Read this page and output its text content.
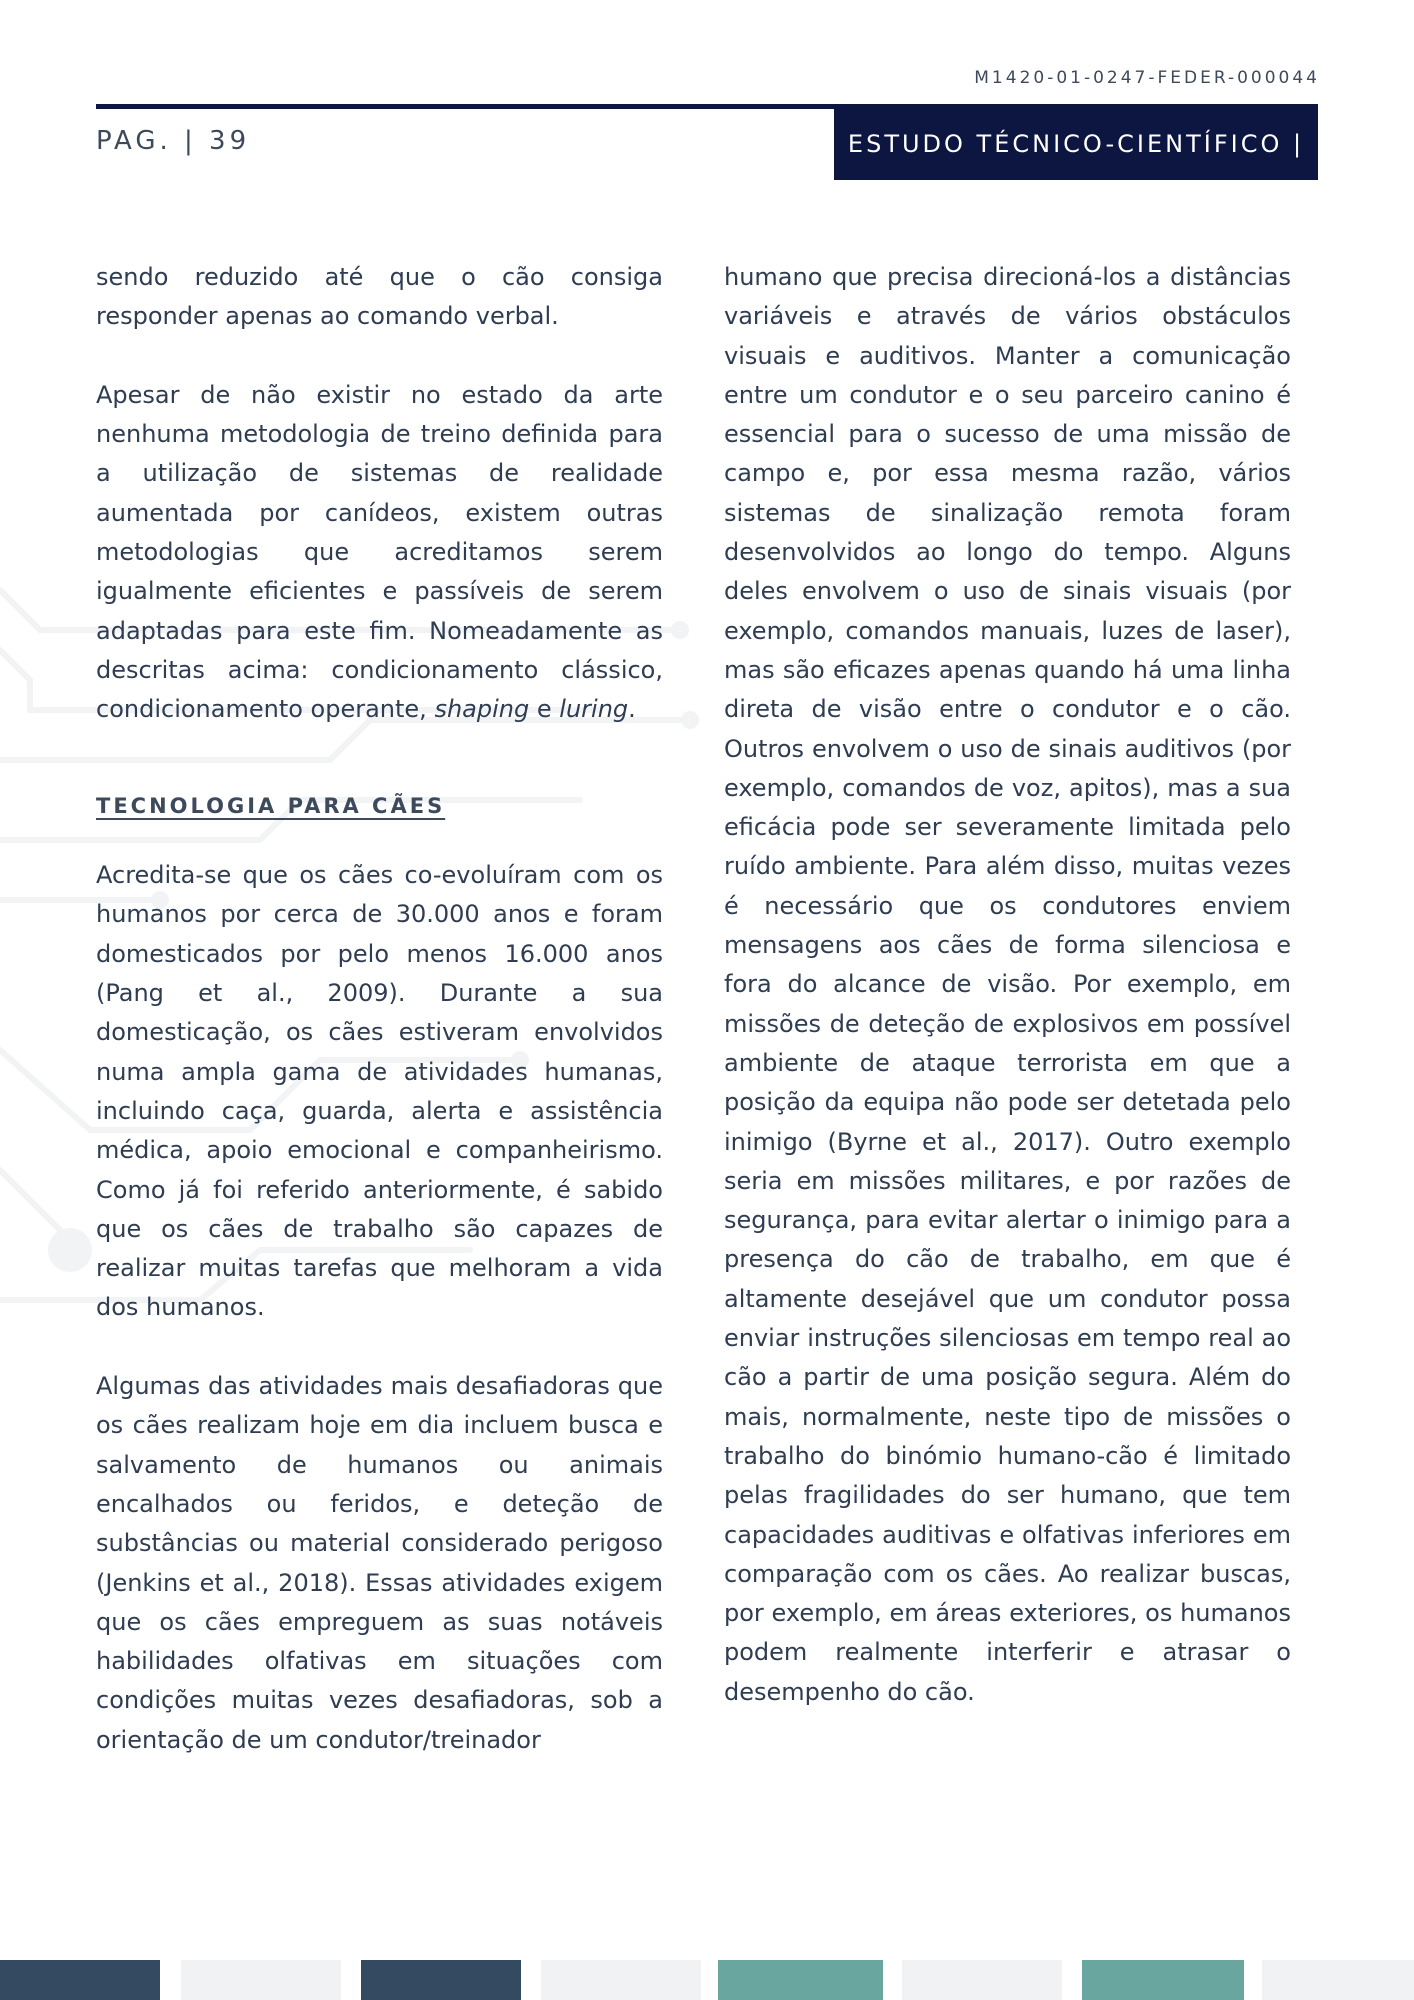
M1420-01-0247-FEDER-000044
PAG. | 39	ESTUDO TÉCNICO-CIENTÍFICO |

sendo reduzido até que o cão consiga responder apenas ao comando verbal.

Apesar de não existir no estado da arte nenhuma metodologia de treino definida para a utilização de sistemas de realidade aumentada por canídeos, existem outras metodologias que acreditamos serem igualmente eficientes e passíveis de serem adaptadas para este fim. Nomeadamente as descritas acima: condicionamento clássico, condicionamento operante, shaping e luring.

TECNOLOGIA PARA CÃES

Acredita-se que os cães co-evoluíram com os humanos por cerca de 30.000 anos e foram domesticados por pelo menos 16.000 anos (Pang et al., 2009). Durante a sua domesticação, os cães estiveram envolvidos numa ampla gama de atividades humanas, incluindo caça, guarda, alerta e assistência médica, apoio emocional e companheirismo. Como já foi referido anteriormente, é sabido que os cães de trabalho são capazes de realizar muitas tarefas que melhoram a vida dos humanos.

Algumas das atividades mais desafiadoras que os cães realizam hoje em dia incluem busca e salvamento de humanos ou animais encalhados ou feridos, e deteção de substâncias ou material considerado perigoso (Jenkins et al., 2018). Essas atividades exigem que os cães empreguem as suas notáveis habilidades olfativas em situações com condições muitas vezes desafiadoras, sob a orientação de um condutor/treinador

humano que precisa direcioná-los a distâncias variáveis e através de vários obstáculos visuais e auditivos. Manter a comunicação entre um condutor e o seu parceiro canino é essencial para o sucesso de uma missão de campo e, por essa mesma razão, vários sistemas de sinalização remota foram desenvolvidos ao longo do tempo. Alguns deles envolvem o uso de sinais visuais (por exemplo, comandos manuais, luzes de laser), mas são eficazes apenas quando há uma linha direta de visão entre o condutor e o cão. Outros envolvem o uso de sinais auditivos (por exemplo, comandos de voz, apitos), mas a sua eficácia pode ser severamente limitada pelo ruído ambiente. Para além disso, muitas vezes é necessário que os condutores enviem mensagens aos cães de forma silenciosa e fora do alcance de visão. Por exemplo, em missões de deteção de explosivos em possível ambiente de ataque terrorista em que a posição da equipa não pode ser detetada pelo inimigo (Byrne et al., 2017). Outro exemplo seria em missões militares, e por razões de segurança, para evitar alertar o inimigo para a presença do cão de trabalho, em que é altamente desejável que um condutor possa enviar instruções silenciosas em tempo real ao cão a partir de uma posição segura. Além do mais, normalmente, neste tipo de missões o trabalho do binómio humano-cão é limitado pelas fragilidades do ser humano, que tem capacidades auditivas e olfativas inferiores em comparação com os cães. Ao realizar buscas, por exemplo, em áreas exteriores, os humanos podem realmente interferir e atrasar o desempenho do cão.
